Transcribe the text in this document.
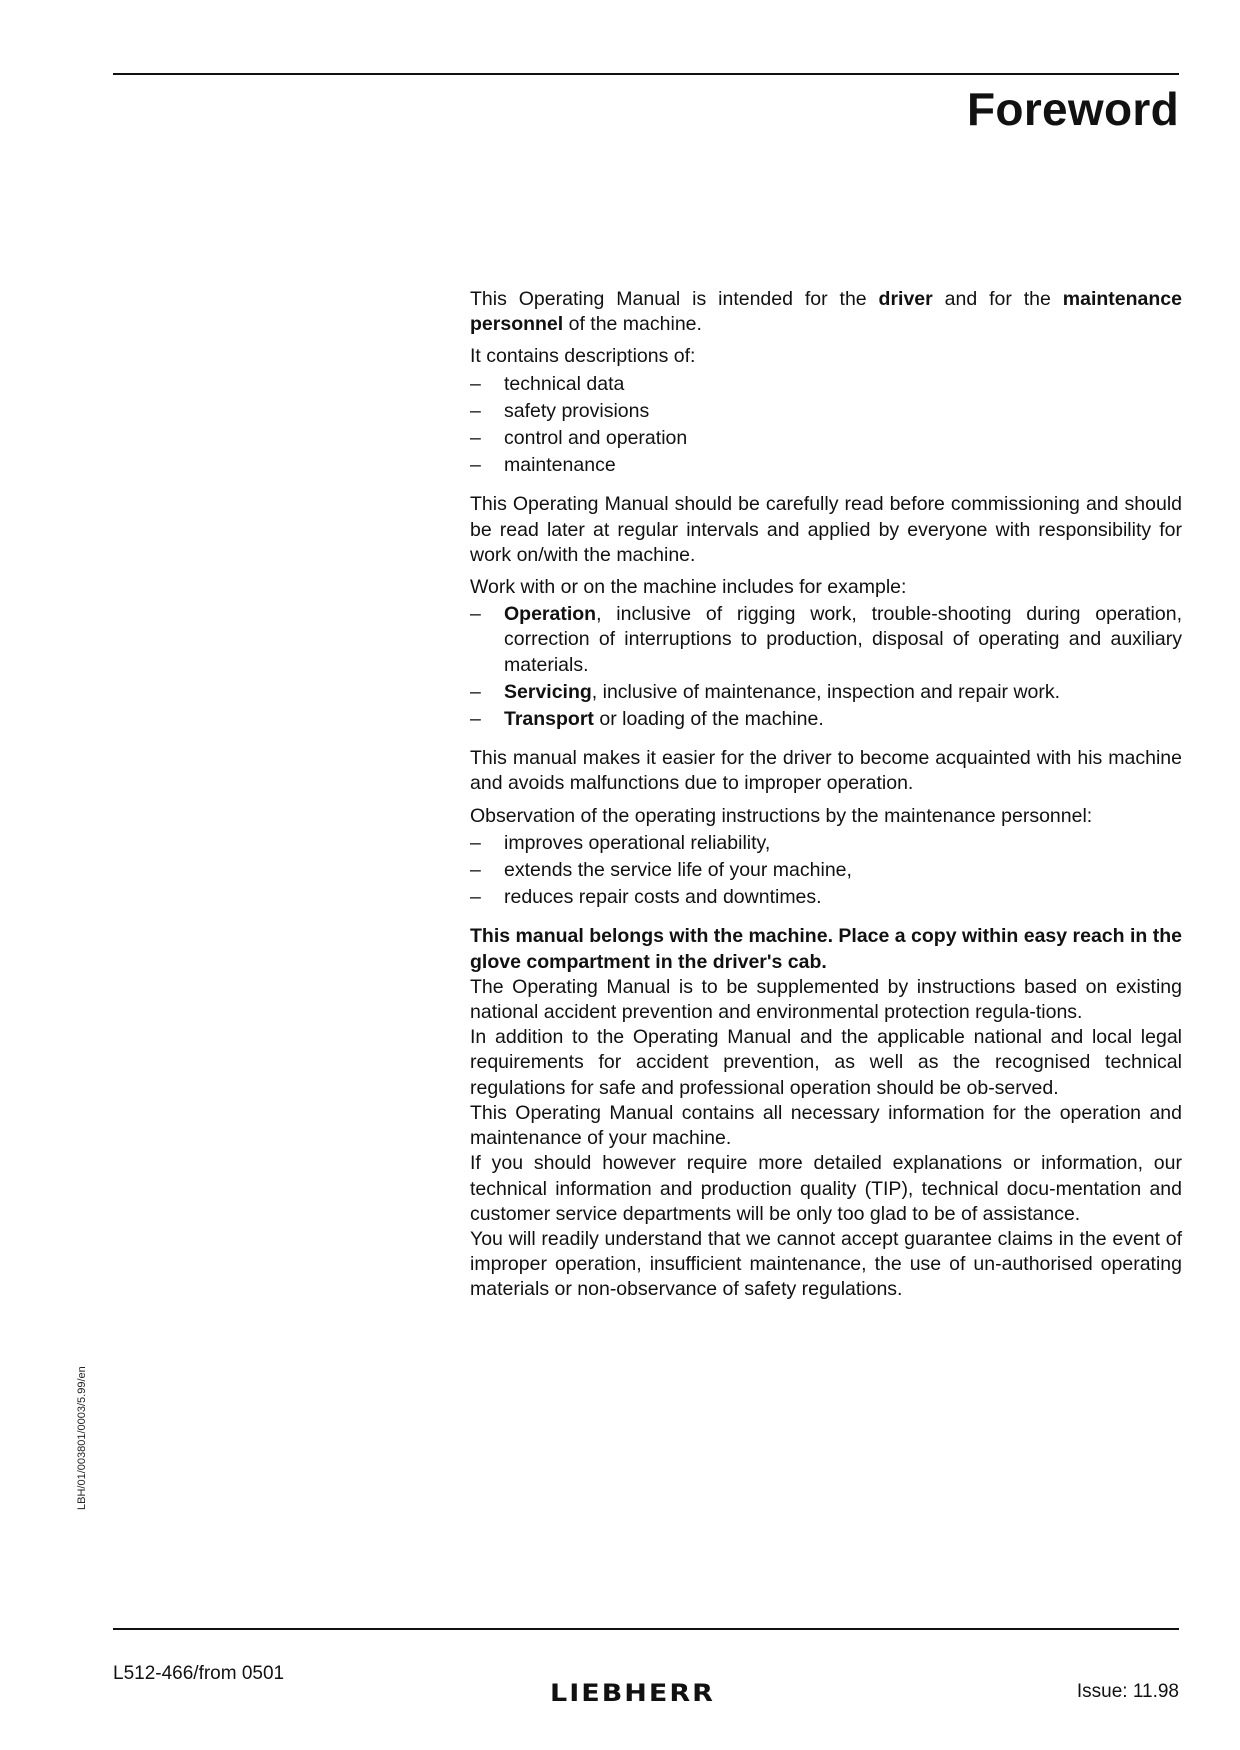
Foreword

This Operating Manual is intended for the driver and for the maintenance personnel of the machine.

It contains descriptions of:

– technical data
– safety provisions
– control and operation
– maintenance

This Operating Manual should be carefully read before commissioning and should be read later at regular intervals and applied by everyone with responsibility for work on/with the machine.

Work with or on the machine includes for example:

– Operation, inclusive of rigging work, trouble-shooting during operation, correction of interruptions to production, disposal of operating and auxiliary materials.
– Servicing, inclusive of maintenance, inspection and repair work.
– Transport or loading of the machine.

This manual makes it easier for the driver to become acquainted with his machine and avoids malfunctions due to improper operation.

Observation of the operating instructions by the maintenance personnel:

– improves operational reliability,
– extends the service life of your machine,
– reduces repair costs and downtimes.

This manual belongs with the machine. Place a copy within easy reach in the glove compartment in the driver's cab.

The Operating Manual is to be supplemented by instructions based on existing national accident prevention and environmental protection regula-tions.

In addition to the Operating Manual and the applicable national and local legal requirements for accident prevention, as well as the recognised technical regulations for safe and professional operation should be ob-served.

This Operating Manual contains all necessary information for the operation and maintenance of your machine.

If you should however require more detailed explanations or information, our technical information and production quality (TIP), technical docu-mentation and customer service departments will be only too glad to be of assistance.

You will readily understand that we cannot accept guarantee claims in the event of improper operation, insufficient maintenance, the use of un-authorised operating materials or non-observance of safety regulations.

LBH/01/003801/0003/5.99/en
L512-466/from 0501
LIEBHERR	Issue: 11.98
